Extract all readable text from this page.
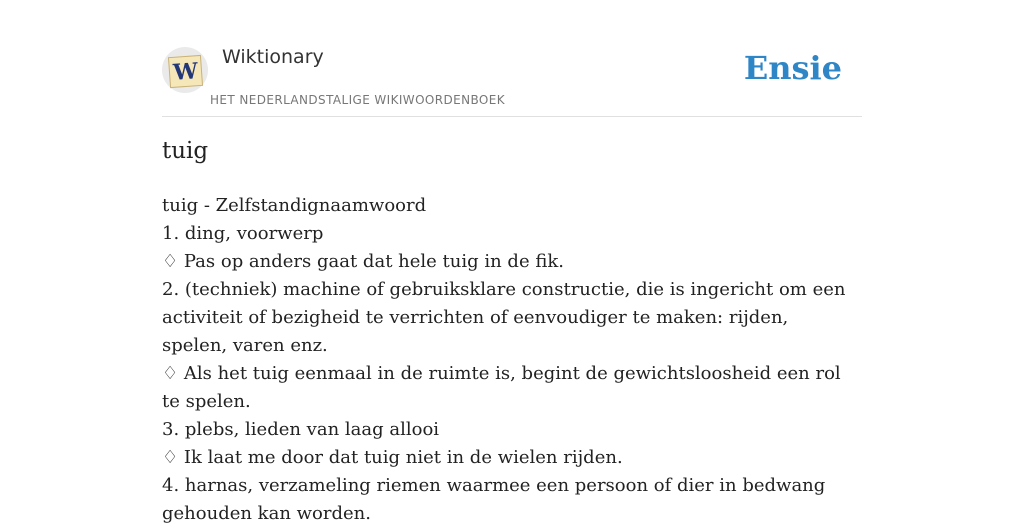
W
Wiktionary
HET NEDERLANDSTALIGE WIKIWOORDENBOEK
Ensie
tuig

tuig - Zelfstandignaamwoord

1. ding, voorwerp

♢ Pas op anders gaat dat hele tuig in de fik.

2. (techniek) machine of gebruiksklare constructie, die is ingericht om een activiteit of bezigheid te verrichten of eenvoudiger te maken: rijden, spelen, varen enz.

♢ Als het tuig eenmaal in de ruimte is, begint de gewichtsloosheid een rol te spelen.

3. plebs, lieden van laag allooi

♢ Ik laat me door dat tuig niet in de wielen rijden.

4. harnas, verzameling riemen waarmee een persoon of dier in bedwang gehouden kan worden.
